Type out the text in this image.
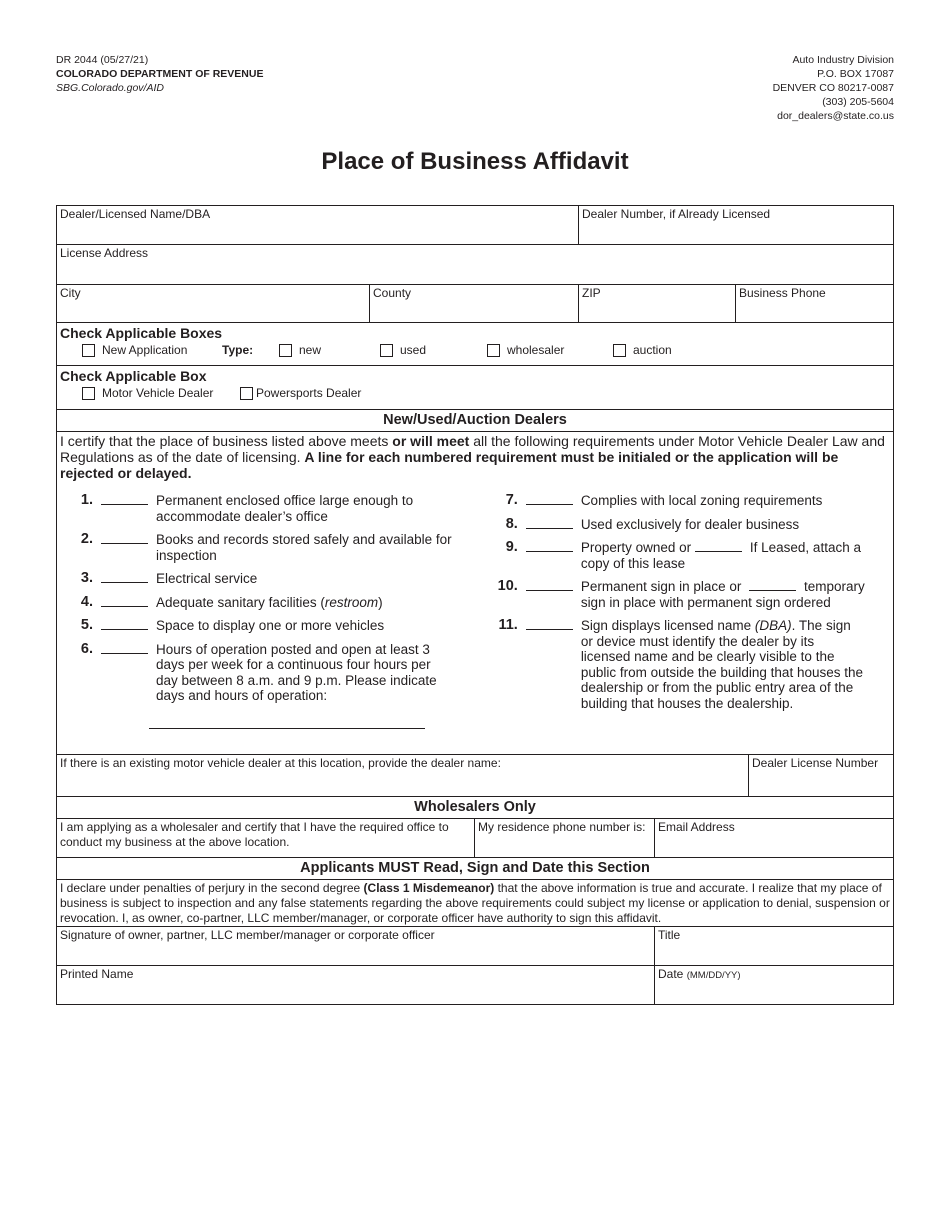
DR 2044 (05/27/21)
COLORADO DEPARTMENT OF REVENUE
SBG.Colorado.gov/AID
Auto Industry Division
P.O. BOX 17087
DENVER CO 80217-0087
(303) 205-5604
dor_dealers@state.co.us
Place of Business Affidavit
Dealer/Licensed Name/DBA	Dealer Number, if Already Licensed
License Address
City	County	ZIP	Business Phone
Check Applicable Boxes
New Application	Type:	new	used	wholesaler	auction
Check Applicable Box
Motor Vehicle Dealer	Powersports Dealer
New/Used/Auction Dealers
I certify that the place of business listed above meets or will meet all the following requirements under Motor Vehicle Dealer Law and Regulations as of the date of licensing. A line for each numbered requirement must be initialed or the application will be rejected or delayed.
1.	Permanent enclosed office large enough to accommodate dealer’s office
2.	Books and records stored safely and available for inspection
3.	Electrical service
4.	Adequate sanitary facilities (restroom)
5.	Space to display one or more vehicles
6.	Hours of operation posted and open at least 3 days per week for a continuous four hours per day between 8 a.m. and 9 p.m. Please indicate days and hours of operation:
7.	Complies with local zoning requirements
8.	Used exclusively for dealer business
9.	Property owned or	If Leased, attach a copy of this lease
10.	Permanent sign in place or	temporary sign in place with permanent sign ordered
11.	Sign displays licensed name (DBA). The sign or device must identify the dealer by its licensed name and be clearly visible to the public from outside the building that houses the dealership or from the public entry area of the building that houses the dealership.
If there is an existing motor vehicle dealer at this location, provide the dealer name:	Dealer License Number
Wholesalers Only
I am applying as a wholesaler and certify that I have the required office to conduct my business at the above location.
My residence phone number is:	Email Address
Applicants MUST Read, Sign and Date this Section
I declare under penalties of perjury in the second degree (Class 1 Misdemeanor) that the above information is true and accurate. I realize that my place of business is subject to inspection and any false statements regarding the above requirements could subject my license or application to denial, suspension or revocation. I, as owner, co-partner, LLC member/manager, or corporate officer have authority to sign this affidavit.
Signature of owner, partner, LLC member/manager or corporate officer	Title
Printed Name	Date (MM/DD/YY)
